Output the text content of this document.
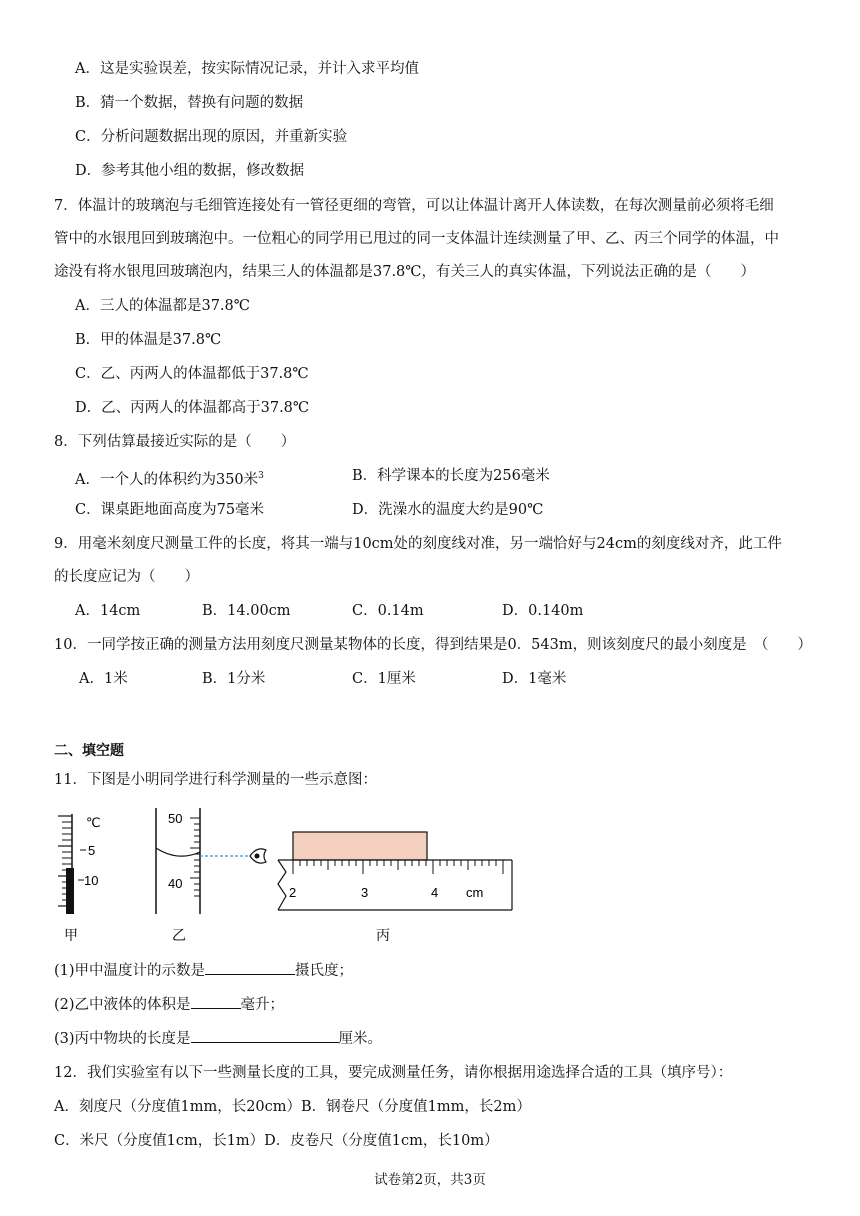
A．这是实验误差，按实际情况记录，并计入求平均值
B．猜一个数据，替换有问题的数据
C．分析问题数据出现的原因，并重新实验
D．参考其他小组的数据，修改数据
7．体温计的玻璃泡与毛细管连接处有一管径更细的弯管，可以让体温计离开人体读数，在每次测量前必须将毛细
管中的水银甩回到玻璃泡中。一位粗心的同学用已甩过的同一支体温计连续测量了甲、乙、丙三个同学的体温，中
途没有将水银甩回玻璃泡内，结果三人的体温都是37.8℃，有关三人的真实体温，下列说法正确的是（　　）
A．三人的体温都是37.8℃
B．甲的体温是37.8℃
C．乙、丙两人的体温都低于37.8℃
D．乙、丙两人的体温都高于37.8℃
8．下列估算最接近实际的是（　　）
A．一个人的体积约为350米$^3$	B．科学课本的长度为256毫米
C．课桌距地面高度为75毫米	D．洗澡水的温度大约是90℃
9．用毫米刻度尺测量工件的长度，将其一端与10cm处的刻度线对准，另一端恰好与24cm的刻度线对齐，此工件
的长度应记为（　　）
A．14cm	B．14.00cm	C．0.14m	D．0.140m
10．一同学按正确的测量方法用刻度尺测量某物体的长度，得到结果是0．543m，则该刻度尺的最小刻度是　（　　）
A．1米	B．1分米	C．1厘米	D．1毫米
二、填空题
11．下图是小明同学进行科学测量的一些示意图：
℃
5
10
50
40
2	3	4 cm
甲	乙	丙
(1)甲中温度计的示数是	摄氏度；
(2)乙中液体的体积是	毫升；
(3)丙中物块的长度是	厘米。
12．我们实验室有以下一些测量长度的工具，要完成测量任务，请你根据用途选择合适的工具（填序号）：
A．刻度尺（分度值1mm，长20cm）B．钢卷尺（分度值1mm，长2m）
C．米尺（分度值1cm，长1m）D．皮卷尺（分度值1cm，长10m）
试卷第2页，共3页
